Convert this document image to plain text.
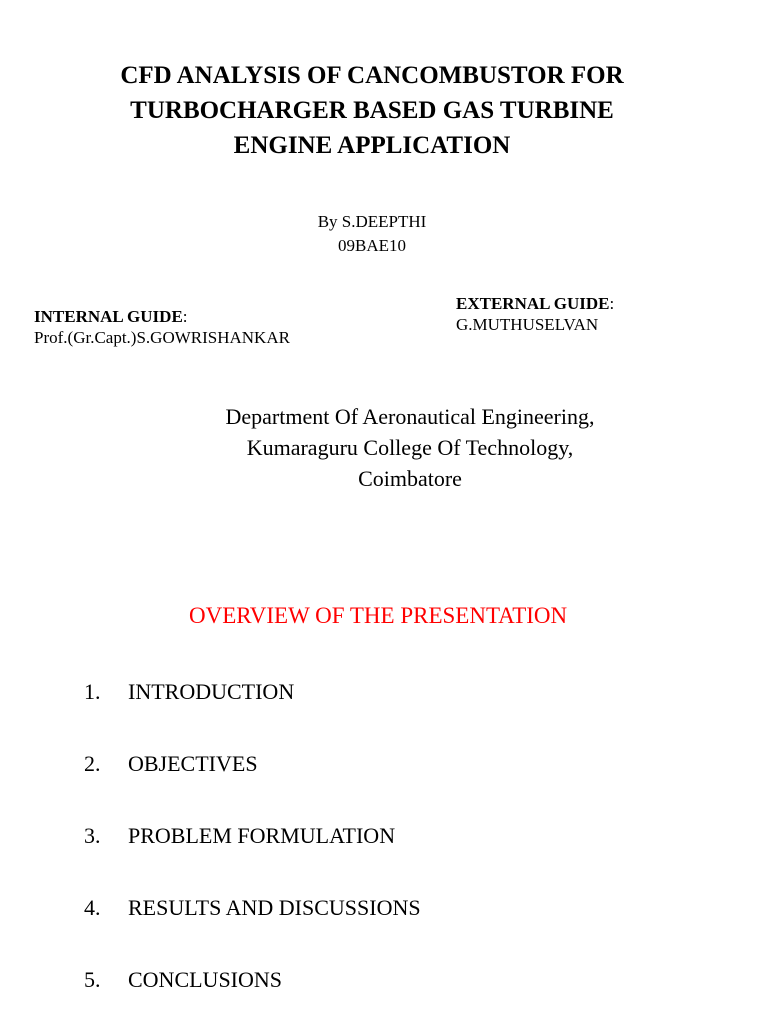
CFD ANALYSIS OF CANCOMBUSTOR FOR
TURBOCHARGER BASED GAS TURBINE
ENGINE APPLICATION
By S.DEEPTHI
09BAE10
INTERNAL GUIDE:
Prof.(Gr.Capt.)S.GOWRISHANKAR
EXTERNAL GUIDE:
G.MUTHUSELVAN
Department Of Aeronautical Engineering,
Kumaraguru College Of Technology,
Coimbatore
OVERVIEW OF THE PRESENTATION
1. INTRODUCTION
2. OBJECTIVES
3. PROBLEM FORMULATION
4. RESULTS AND DISCUSSIONS
5. CONCLUSIONS
